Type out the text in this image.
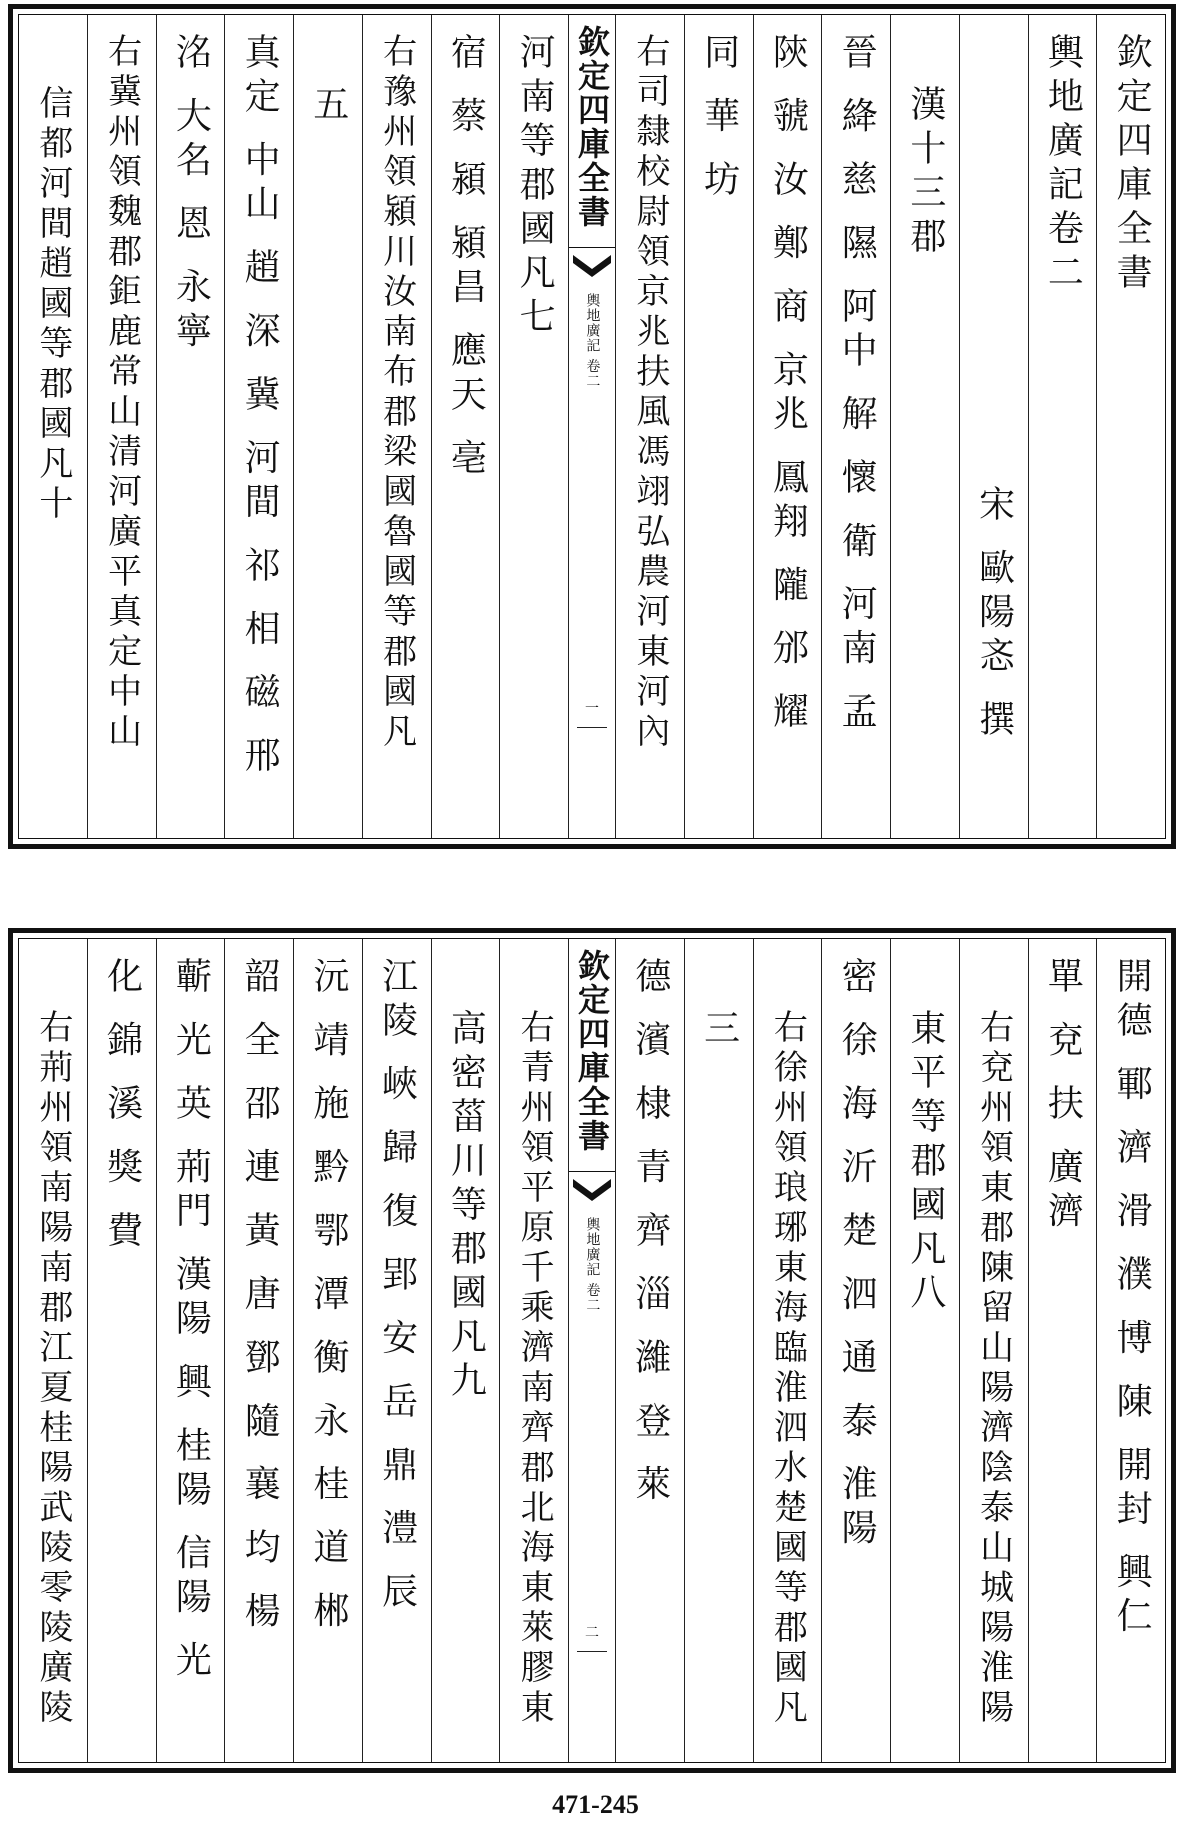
欽定四庫全書
輿地廣記卷二
宋 歐陽忞 撰
漢十三郡
晉 絳 慈 隰 阿中 解 懷 衛 河南 孟
陝 虢 汝 鄭 商 京兆 鳳翔 隴 邠 耀
同 華 坊
右司隸校尉領京兆扶風馮翊弘農河東河內
欽定四庫全書
輿地廣記 卷二
一
河南等郡國凡七
宿 蔡 潁 潁昌 應天 亳
右豫州領潁川汝南布郡梁國魯國等郡國凡
五
真定 中山 趙 深 冀 河間 祁 相 磁 邢
洺 大名 恩 永寧
右冀州領魏郡鉅鹿常山清河廣平真定中山
信都河間趙國等郡國凡十
開德 鄆 濟 滑 濮 博 陳 開封 興仁
單 兗 扶 廣濟
右兗州領東郡陳留山陽濟陰泰山城陽淮陽
東平等郡國凡八
密 徐 海 沂 楚 泗 通 泰 淮陽
右徐州領琅琊東海臨淮泗水楚國等郡國凡
三
德 濱 棣 青 齊 淄 濰 登 萊
欽定四庫全書
輿地廣記 卷二
二
右青州領平原千乘濟南齊郡北海東萊膠東
高密菑川等郡國凡九
江陵 峽 歸 復 郢 安 岳 鼎 澧 辰
沅 靖 施 黔 鄂 潭 衡 永 桂 道 郴
韶 全 邵 連 黃 唐 鄧 隨 襄 均 楊
蘄 光 英 荊門 漢陽 興 桂陽 信陽 光
化 錦 溪 獎 費
右荊州領南陽南郡江夏桂陽武陵零陵廣陵
471-245
